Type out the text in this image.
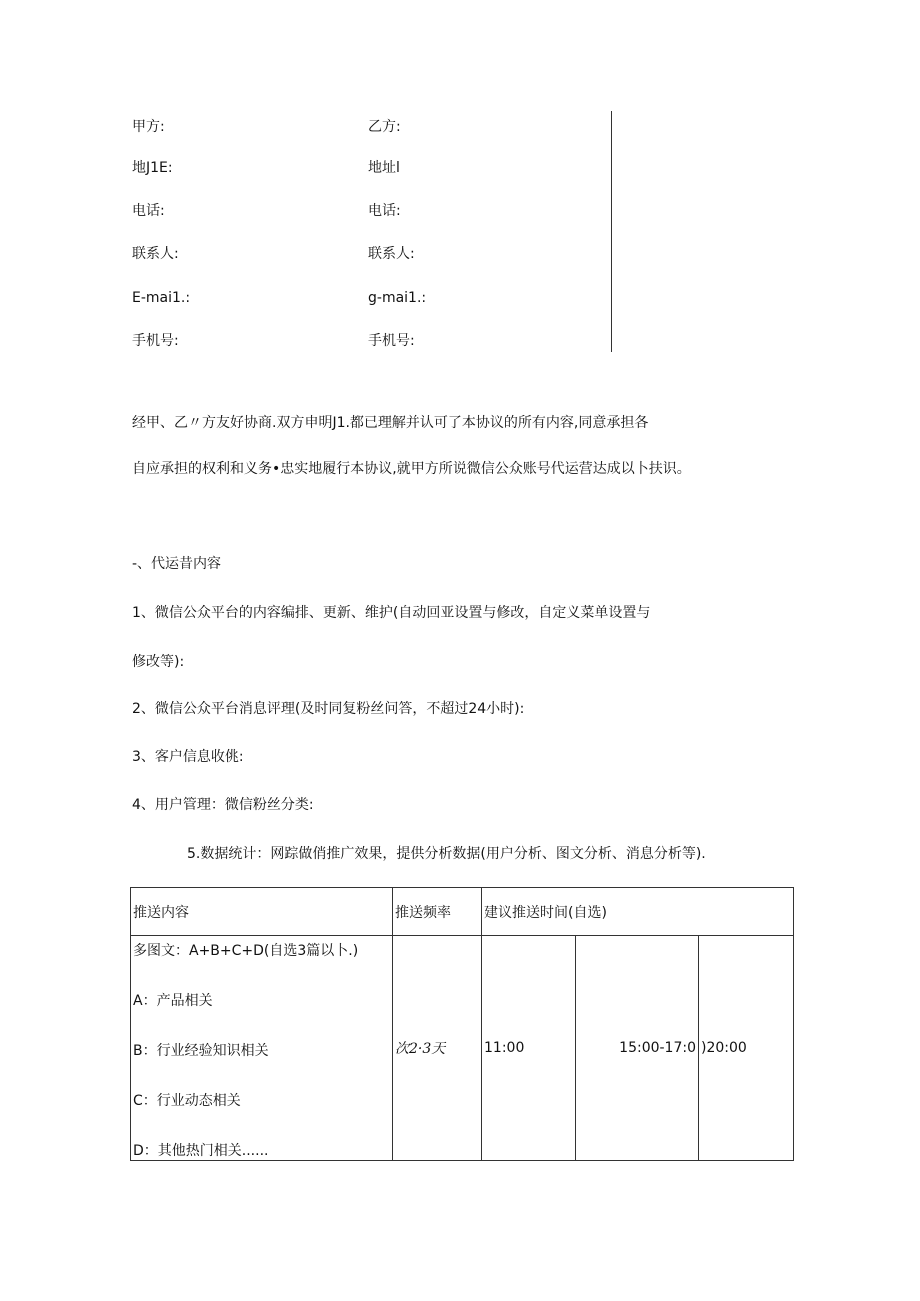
甲方:	乙方:
地J1E:	地址l
电话:	电话:
联系人:	联系人:
E-mai1.:	g-mai1.:
手机号:	手机号:
经甲、乙〃方友好协商.双方申明J1.都已理解并认可了本协议的所有内容,同意承担各
自应承担的权利和义务•忠实地履行本协议,就甲方所说微信公众账号代运营达成以卜扶识。
-、代运昔内容
1、微信公众平台的内容编排、更新、维护(自动回亚设置与修改，自定义菜单设置与
修改等):
2、微信公众平台消息评理(及时同复粉丝问答，不超过24小时):
3、客户信息收佻:
4、用户管理：微信粉丝分类:
5.数据统计：网踪做俏推广效果，提供分析数据(用户分析、图文分析、消息分析等).
推送内容	推送频率	建议推送时间(自选)		

多图文：A+B+C+D(自选3篇以卜.)
A：产品相关
B：行业经验知识相关
C：行业动态相关
D：其他热门相关......	次2·3天	11:00	15:00-17:0	)20:00
